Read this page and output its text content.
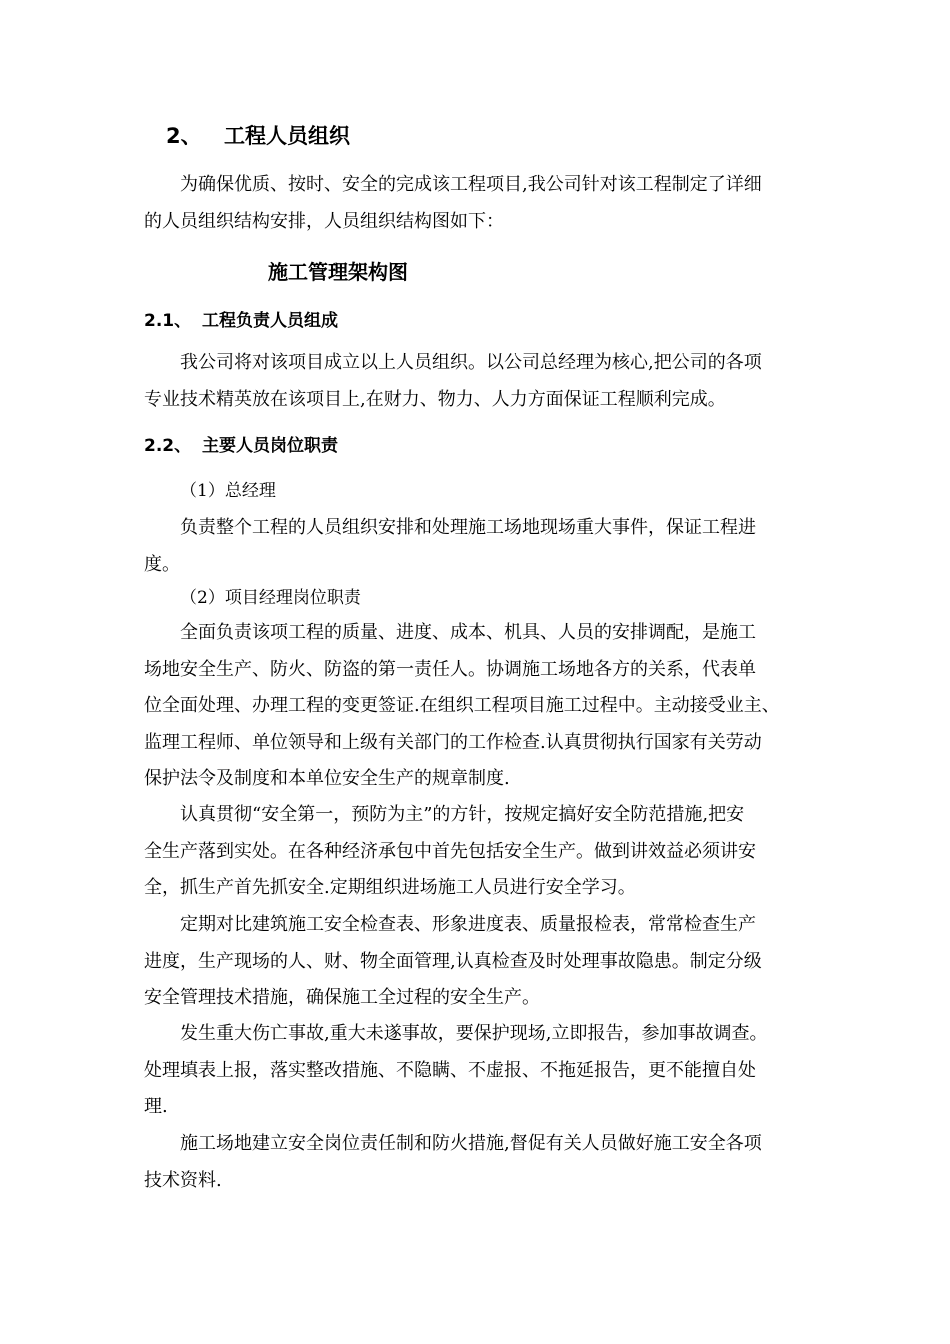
2、 工程人员组织
为确保优质、按时、安全的完成该工程项目,我公司针对该工程制定了详细
的人员组织结构安排，人员组织结构图如下：
施工管理架构图
2.1、 工程负责人员组成
我公司将对该项目成立以上人员组织。以公司总经理为核心,把公司的各项
专业技术精英放在该项目上,在财力、物力、人力方面保证工程顺利完成。
2.2、 主要人员岗位职责
（1）总经理
负责整个工程的人员组织安排和处理施工场地现场重大事件，保证工程进
度。
（2）项目经理岗位职责
全面负责该项工程的质量、进度、成本、机具、人员的安排调配，是施工
场地安全生产、防火、防盗的第一责任人。协调施工场地各方的关系，代表单
位全面处理、办理工程的变更签证.在组织工程项目施工过程中。主动接受业主、
监理工程师、单位领导和上级有关部门的工作检查.认真贯彻执行国家有关劳动
保护法令及制度和本单位安全生产的规章制度.
认真贯彻“安全第一，预防为主”的方针，按规定搞好安全防范措施,把安
全生产落到实处。在各种经济承包中首先包括安全生产。做到讲效益必须讲安
全，抓生产首先抓安全.定期组织进场施工人员进行安全学习。
定期对比建筑施工安全检查表、形象进度表、质量报检表，常常检查生产
进度，生产现场的人、财、物全面管理,认真检查及时处理事故隐患。制定分级
安全管理技术措施，确保施工全过程的安全生产。
发生重大伤亡事故,重大未遂事故，要保护现场,立即报告，参加事故调查。
处理填表上报，落实整改措施、不隐瞒、不虚报、不拖延报告，更不能擅自处
理.
施工场地建立安全岗位责任制和防火措施,督促有关人员做好施工安全各项
技术资料.
